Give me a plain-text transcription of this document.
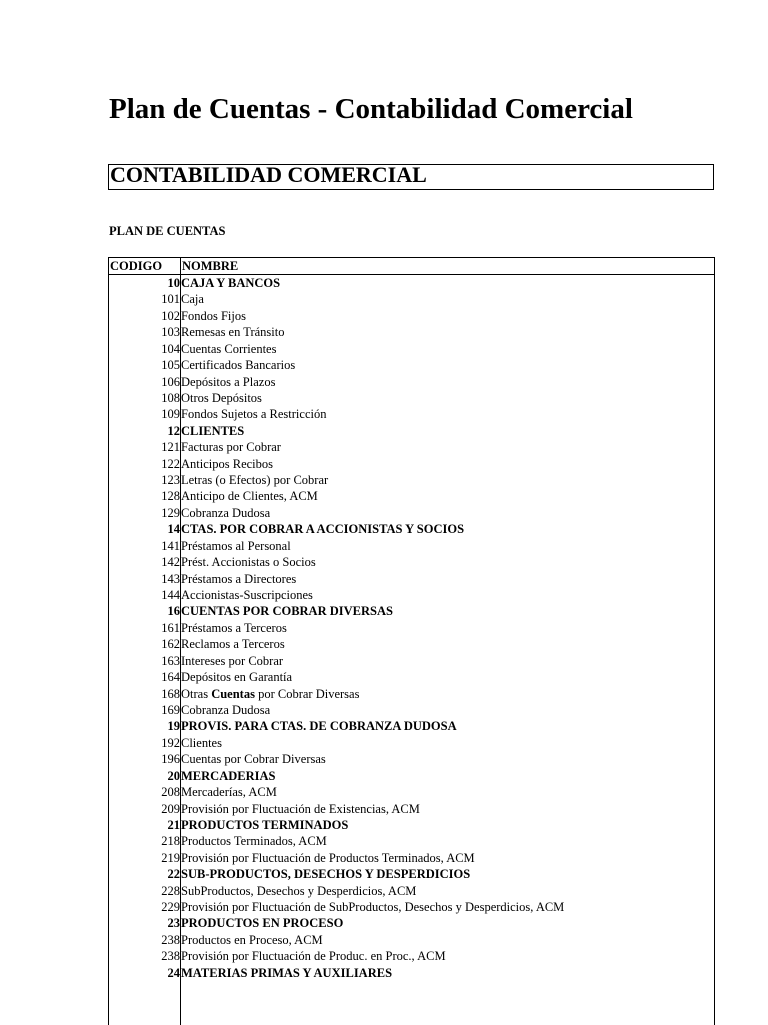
Plan de Cuentas - Contabilidad Comercial
CONTABILIDAD COMERCIAL
PLAN DE CUENTAS
CODIGO NOMBRE
10 CAJA Y BANCOS
101 Caja
102 Fondos Fijos
103 Remesas en Tránsito
104 Cuentas Corrientes
105 Certificados Bancarios
106 Depósitos a Plazos
108 Otros Depósitos
109 Fondos Sujetos a Restricción
12 CLIENTES
121 Facturas por Cobrar
122 Anticipos Recibos
123 Letras (o Efectos) por Cobrar
128 Anticipo de Clientes, ACM
129 Cobranza Dudosa
14 CTAS. POR COBRAR A ACCIONISTAS Y SOCIOS
141 Préstamos al Personal
142 Prést. Accionistas o Socios
143 Préstamos a Directores
144 Accionistas-Suscripciones
16 CUENTAS POR COBRAR DIVERSAS
161 Préstamos a Terceros
162 Reclamos a Terceros
163 Intereses por Cobrar
164 Depósitos en Garantía
168 Otras Cuentas por Cobrar Diversas
169 Cobranza Dudosa
19 PROVIS. PARA CTAS. DE COBRANZA DUDOSA
192 Clientes
196 Cuentas por Cobrar Diversas
20 MERCADERIAS
208 Mercaderías, ACM
209 Provisión por Fluctuación de Existencias, ACM
21 PRODUCTOS TERMINADOS
218 Productos Terminados, ACM
219 Provisión por Fluctuación de Productos Terminados, ACM
22 SUB-PRODUCTOS, DESECHOS Y DESPERDICIOS
228 SubProductos, Desechos y Desperdicios, ACM
229 Provisión por Fluctuación de SubProductos, Desechos y Desperdicios, ACM
23 PRODUCTOS EN PROCESO
238 Productos en Proceso, ACM
238 Provisión por Fluctuación de Produc. en Proc., ACM
24 MATERIAS PRIMAS Y AUXILIARES
